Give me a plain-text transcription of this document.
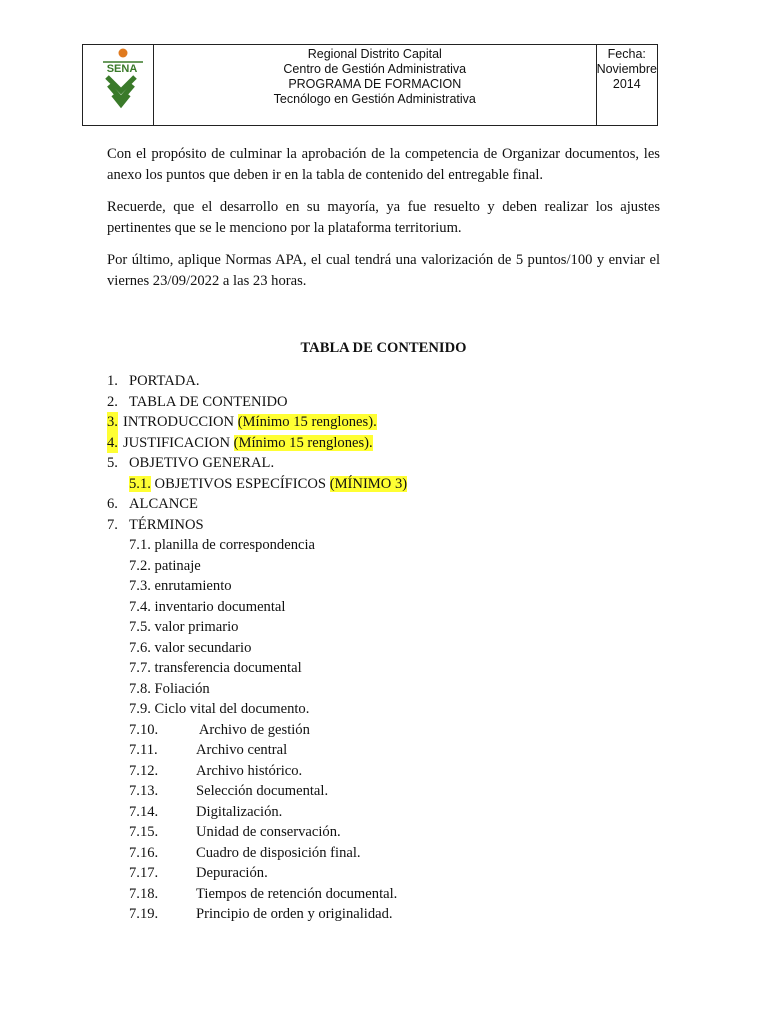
SENA

Regional Distrito Capital
Centro de Gestión Administrativa
PROGRAMA DE FORMACION
Tecnólogo en Gestión Administrativa

Fecha:
Noviembre
2014

Con el propósito de culminar la aprobación de la competencia de Organizar documentos, les anexo los puntos que deben ir en la tabla de contenido del entregable final.

Recuerde, que el desarrollo en su mayoría, ya fue resuelto y deben realizar los ajustes pertinentes que se le menciono por la plataforma territorium.

Por último, aplique Normas APA, el cual tendrá una valorización de 5 puntos/100 y enviar el viernes 23/09/2022 a las 23 horas.

TABLA DE CONTENIDO

1. PORTADA.
2. TABLA DE CONTENIDO
3. INTRODUCCION (Mínimo 15 renglones).
4. JUSTIFICACION (Mínimo 15 renglones).
5. OBJETIVO GENERAL.
5.1. OBJETIVOS ESPECÍFICOS (MÍNIMO 3)
6. ALCANCE
7. TÉRMINOS
7.1. planilla de correspondencia
7.2. patinaje
7.3. enrutamiento
7.4. inventario documental
7.5. valor primario
7.6. valor secundario
7.7. transferencia documental
7.8. Foliación
7.9. Ciclo vital del documento.
7.10.	Archivo de gestión
7.11.	Archivo central
7.12.	Archivo histórico.
7.13.	Selección documental.
7.14.	Digitalización.
7.15.	Unidad de conservación.
7.16.	Cuadro de disposición final.
7.17.	Depuración.
7.18.	Tiempos de retención documental.
7.19.	Principio de orden y originalidad.
